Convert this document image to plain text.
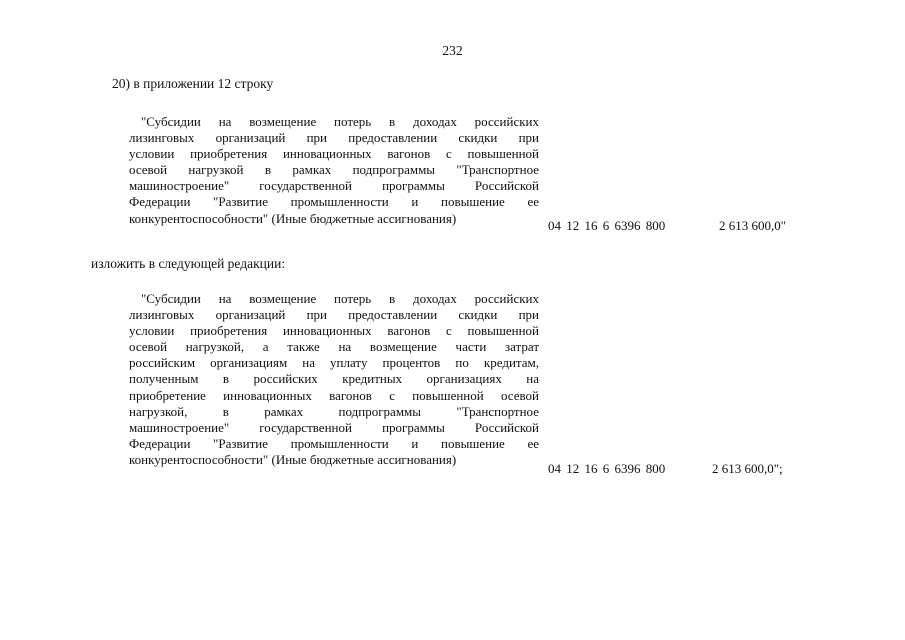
232
20) в приложении 12 строку
"Субсидии на возмещение потерь в доходах российских
лизинговых организаций при предоставлении скидки при
условии приобретения инновационных вагонов с повышенной
осевой нагрузкой в рамках подпрограммы "Транспортное
машиностроение" государственной программы Российской
Федерации "Развитие промышленности и повышение ее
конкурентоспособности" (Иные бюджетные ассигнования)	04 12 16 6 6396 800	2 613 600,0"
изложить в следующей редакции:
"Субсидии на возмещение потерь в доходах российских
лизинговых организаций при предоставлении скидки при
условии приобретения инновационных вагонов с повышенной
осевой нагрузкой, а также на возмещение части затрат
российским организациям на уплату процентов по кредитам,
полученным в российских кредитных организациях на
приобретение инновационных вагонов с повышенной осевой
нагрузкой, в рамках подпрограммы "Транспортное
машиностроение" государственной программы Российской
Федерации "Развитие промышленности и повышение ее
конкурентоспособности" (Иные бюджетные ассигнования)
04 12 16 6 6396 800	2 613 600,0";
